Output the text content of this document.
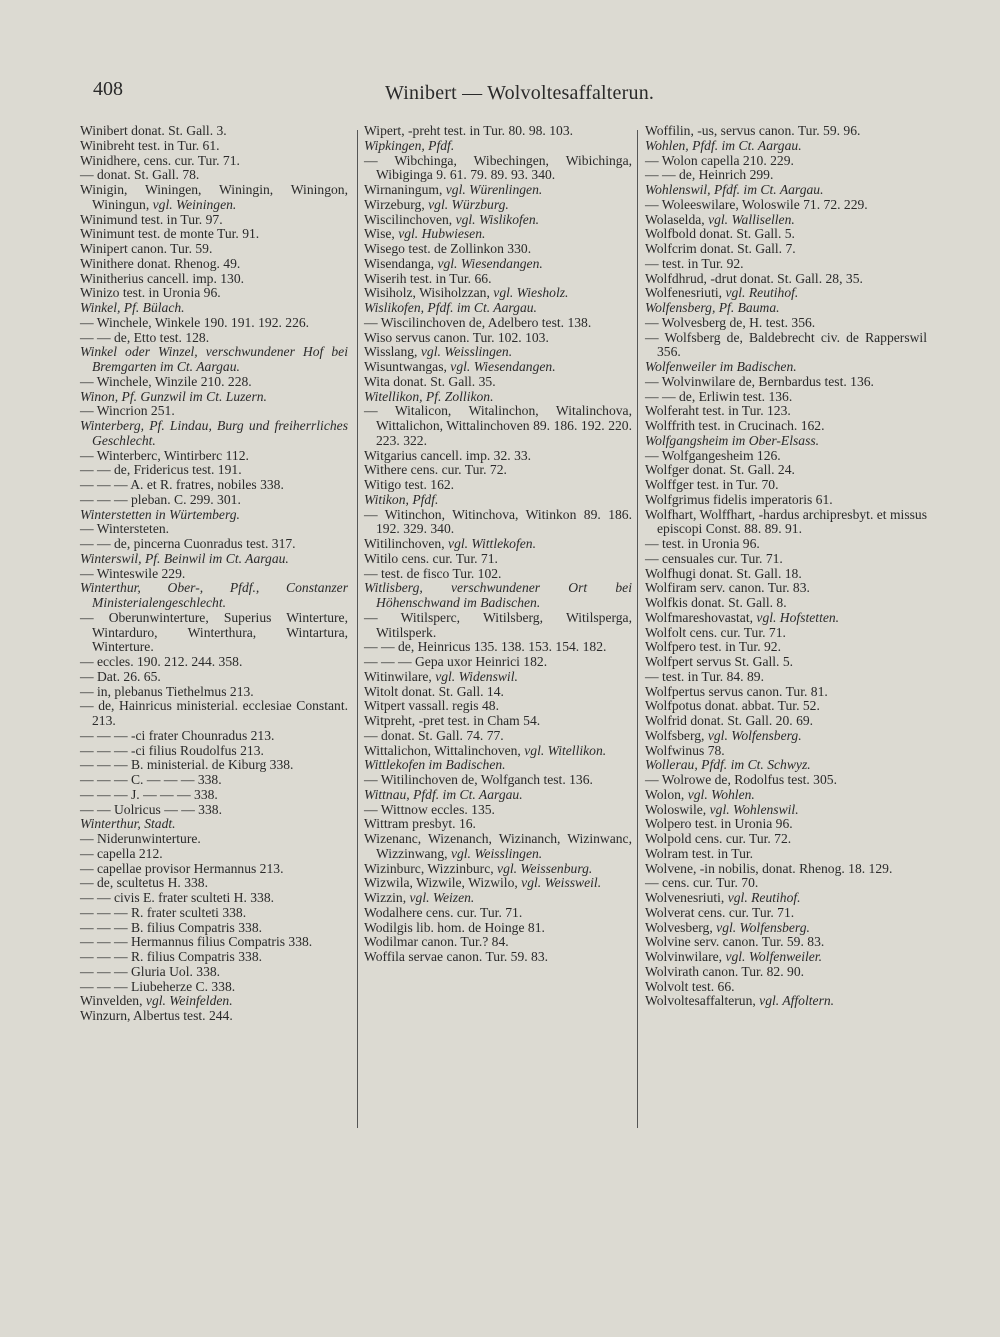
408	Winibert — Wolvoltesaffalterun.
Winibert donat. St. Gall. 3.
Winibreht test. in Tur. 61.
Winidhere, cens. cur. Tur. 71.
— donat. St. Gall. 78.
Winigin, Winingen, Winingin, Winingon, Winingun, vgl. Weiningen.
Winimund test. in Tur. 97.
Winimunt test. de monte Tur. 91.
Winipert canon. Tur. 59.
Winithere donat. Rhenog. 49.
Winitherius cancell. imp. 130.
Winizo test. in Uronia 96.
Winkel, Pf. Bülach.
— Winchele, Winkele 190. 191. 192. 226.
— — de, Etto test. 128.
Winkel oder Winzel, verschwundener Hof bei Bremgarten im Ct. Aargau.
— Winchele, Winzile 210. 228.
Winon, Pf. Gunzwil im Ct. Luzern.
— Wincrion 251.
Winterberg, Pf. Lindau, Burg und freiherrliches Geschlecht.
— Winterberc, Wintirberc 112.
— — de, Fridericus test. 191.
— — — A. et R. fratres, nobiles 338.
— — — pleban. C. 299. 301.
Winterstetten in Würtemberg.
— Wintersteten.
— — de, pincerna Cuonradus test. 317.
Winterswil, Pf. Beinwil im Ct. Aargau.
— Winteswile 229.
Winterthur, Ober-, Pfdf., Constanzer Ministerialengeschlecht.
— Oberunwinterture, Superius Winterture, Wintarduro, Winterthura, Wintartura, Winterture.
— eccles. 190. 212. 244. 358.
— Dat. 26. 65.
— in, plebanus Tiethelmus 213.
— de, Hainricus ministerial. ecclesiae Constant. 213.
— — — -ci frater Chounradus 213.
— — — -ci filius Roudolfus 213.
— — — B. ministerial. de Kiburg 338.
— — — C. — — — 338.
— — — J. — — — 338.
— — Uolricus — — 338.
Winterthur, Stadt.
— Niderunwinterture.
— capella 212.
— capellae provisor Hermannus 213.
— de, scultetus H. 338.
— — civis E. frater sculteti H. 338.
— — — R. frater sculteti 338.
— — — B. filius Compatris 338.
— — — Hermannus filius Compatris 338.
— — — R. filius Compatris 338.
— — — Gluria Uol. 338.
— — — Liubeherze C. 338.
Winvelden, vgl. Weinfelden.
Winzurn, Albertus test. 244.
Wipert, -preht test. in Tur. 80. 98. 103.
Wipkingen, Pfdf.
— Wibchinga, Wibechingen, Wibichinga, Wibiginga 9. 61. 79. 89. 93. 340.
Wirnaningum, vgl. Würenlingen.
Wirzeburg, vgl. Würzburg.
Wiscilinchoven, vgl. Wislikofen.
Wise, vgl. Hubwiesen.
Wisego test. de Zollinkon 330.
Wisendanga, vgl. Wiesendangen.
Wiserih test. in Tur. 66.
Wisiholz, Wisiholzzan, vgl. Wiesholz.
Wislikofen, Pfdf. im Ct. Aargau.
— Wiscilinchoven de, Adelbero test. 138.
Wiso servus canon. Tur. 102. 103.
Wisslang, vgl. Weisslingen.
Wisuntwangas, vgl. Wiesendangen.
Wita donat. St. Gall. 35.
Witellikon, Pf. Zollikon.
— Witalicon, Witalinchon, Witalinchova, Wittalichon, Wittalinchoven 89. 186. 192. 220. 223. 322.
Witgarius cancell. imp. 32. 33.
Withere cens. cur. Tur. 72.
Witigo test. 162.
Witikon, Pfdf.
— Witinchon, Witinchova, Witinkon 89. 186. 192. 329. 340.
Witilinchoven, vgl. Wittlekofen.
Witilo cens. cur. Tur. 71.
— test. de fisco Tur. 102.
Witlisberg, verschwundener Ort bei Höhenschwand im Badischen.
— Witilsperc, Witilsberg, Witilsperga, Witilsperk.
— — de, Heinricus 135. 138. 153. 154. 182.
— — — Gepa uxor Heinrici 182.
Witinwilare, vgl. Widenswil.
Witolt donat. St. Gall. 14.
Witpert vassall. regis 48.
Witpreht, -pret test. in Cham 54.
— donat. St. Gall. 74. 77.
Wittalichon, Wittalinchoven, vgl. Witellikon.
Wittlekofen im Badischen.
— Witilinchoven de, Wolfganch test. 136.
Wittnau, Pfdf. im Ct. Aargau.
— Wittnow eccles. 135.
Wittram presbyt. 16.
Wizenanc, Wizenanch, Wizinanch, Wizinwanc, Wizzinwang, vgl. Weisslingen.
Wizinburc, Wizzinburc, vgl. Weissenburg.
Wizwila, Wizwile, Wizwilo, vgl. Weissweil.
Wizzin, vgl. Weizen.
Wodalhere cens. cur. Tur. 71.
Wodilgis lib. hom. de Hoinge 81.
Wodilmar canon. Tur.? 84.
Woffila servae canon. Tur. 59. 83.
Woffilin, -us, servus canon. Tur. 59. 96.
Wohlen, Pfdf. im Ct. Aargau.
— Wolon capella 210. 229.
— — de, Heinrich 299.
Wohlenswil, Pfdf. im Ct. Aargau.
— Woleeswilare, Woloswile 71. 72. 229.
Wolaselda, vgl. Wallisellen.
Wolfbold donat. St. Gall. 5.
Wolfcrim donat. St. Gall. 7.
— test. in Tur. 92.
Wolfdhrud, -drut donat. St. Gall. 28, 35.
Wolfenesriuti, vgl. Reutihof.
Wolfensberg, Pf. Bauma.
— Wolvesberg de, H. test. 356.
— Wolfsberg de, Baldebrecht civ. de Rapperswil 356.
Wolfenweiler im Badischen.
— Wolvinwilare de, Bernbardus test. 136.
— — de, Erliwin test. 136.
Wolferaht test. in Tur. 123.
Wolffrith test. in Crucinach. 162.
Wolfgangsheim im Ober-Elsass.
— Wolfgangesheim 126.
Wolfger donat. St. Gall. 24.
Wolffger test. in Tur. 70.
Wolfgrimus fidelis imperatoris 61.
Wolfhart, Wolffhart, -hardus archipresbyt. et missus episcopi Const. 88. 89. 91.
— test. in Uronia 96.
— censuales cur. Tur. 71.
Wolfhugi donat. St. Gall. 18.
Wolfiram serv. canon. Tur. 83.
Wolfkis donat. St. Gall. 8.
Wolfmareshovastat, vgl. Hofstetten.
Wolfolt cens. cur. Tur. 71.
Wolfpero test. in Tur. 92.
Wolfpert servus St. Gall. 5.
— test. in Tur. 84. 89.
Wolfpertus servus canon. Tur. 81.
Wolfpotus donat. abbat. Tur. 52.
Wolfrid donat. St. Gall. 20. 69.
Wolfsberg, vgl. Wolfensberg.
Wolfwinus 78.
Wollerau, Pfdf. im Ct. Schwyz.
— Wolrowe de, Rodolfus test. 305.
Wolon, vgl. Wohlen.
Woloswile, vgl. Wohlenswil.
Wolpero test. in Uronia 96.
Wolpold cens. cur. Tur. 72.
Wolram test. in Tur.
Wolvene, -in nobilis, donat. Rhenog. 18. 129.
— cens. cur. Tur. 70.
Wolvenesriuti, vgl. Reutihof.
Wolverat cens. cur. Tur. 71.
Wolvesberg, vgl. Wolfensberg.
Wolvine serv. canon. Tur. 59. 83.
Wolvinwilare, vgl. Wolfenweiler.
Wolvirath canon. Tur. 82. 90.
Wolvolt test. 66.
Wolvoltesaffalterun, vgl. Affoltern.
